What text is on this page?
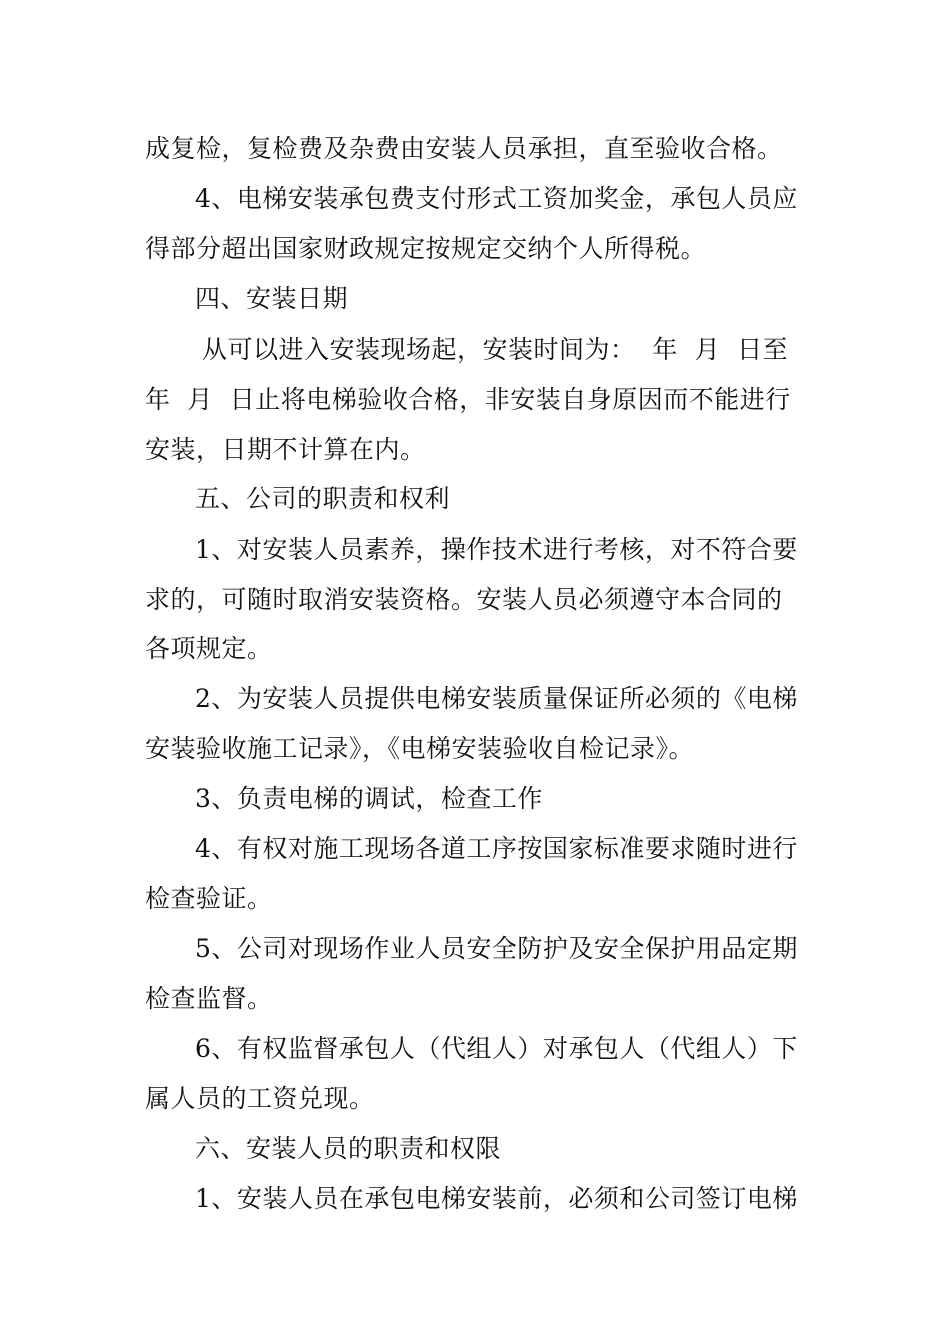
成复检，复检费及杂费由安装人员承担，直至验收合格。
4、电梯安装承包费支付形式工资加奖金，承包人员应
得部分超出国家财政规定按规定交纳个人所得税。
四、安装日期
从可以进入安装现场起，安装时间为：  年  月  日至
年  月  日止将电梯验收合格，非安装自身原因而不能进行
安装，日期不计算在内。
五、公司的职责和权利
1、对安装人员素养，操作技术进行考核，对不符合要
求的，可随时取消安装资格。安装人员必须遵守本合同的
各项规定。
2、为安装人员提供电梯安装质量保证所必须的《电梯
安装验收施工记录》，《电梯安装验收自检记录》。
3、负责电梯的调试，检查工作
4、有权对施工现场各道工序按国家标准要求随时进行
检查验证。
5、公司对现场作业人员安全防护及安全保护用品定期
检查监督。
6、有权监督承包人（代组人）对承包人（代组人）下
属人员的工资兑现。
六、安装人员的职责和权限
1、安装人员在承包电梯安装前，必须和公司签订电梯
